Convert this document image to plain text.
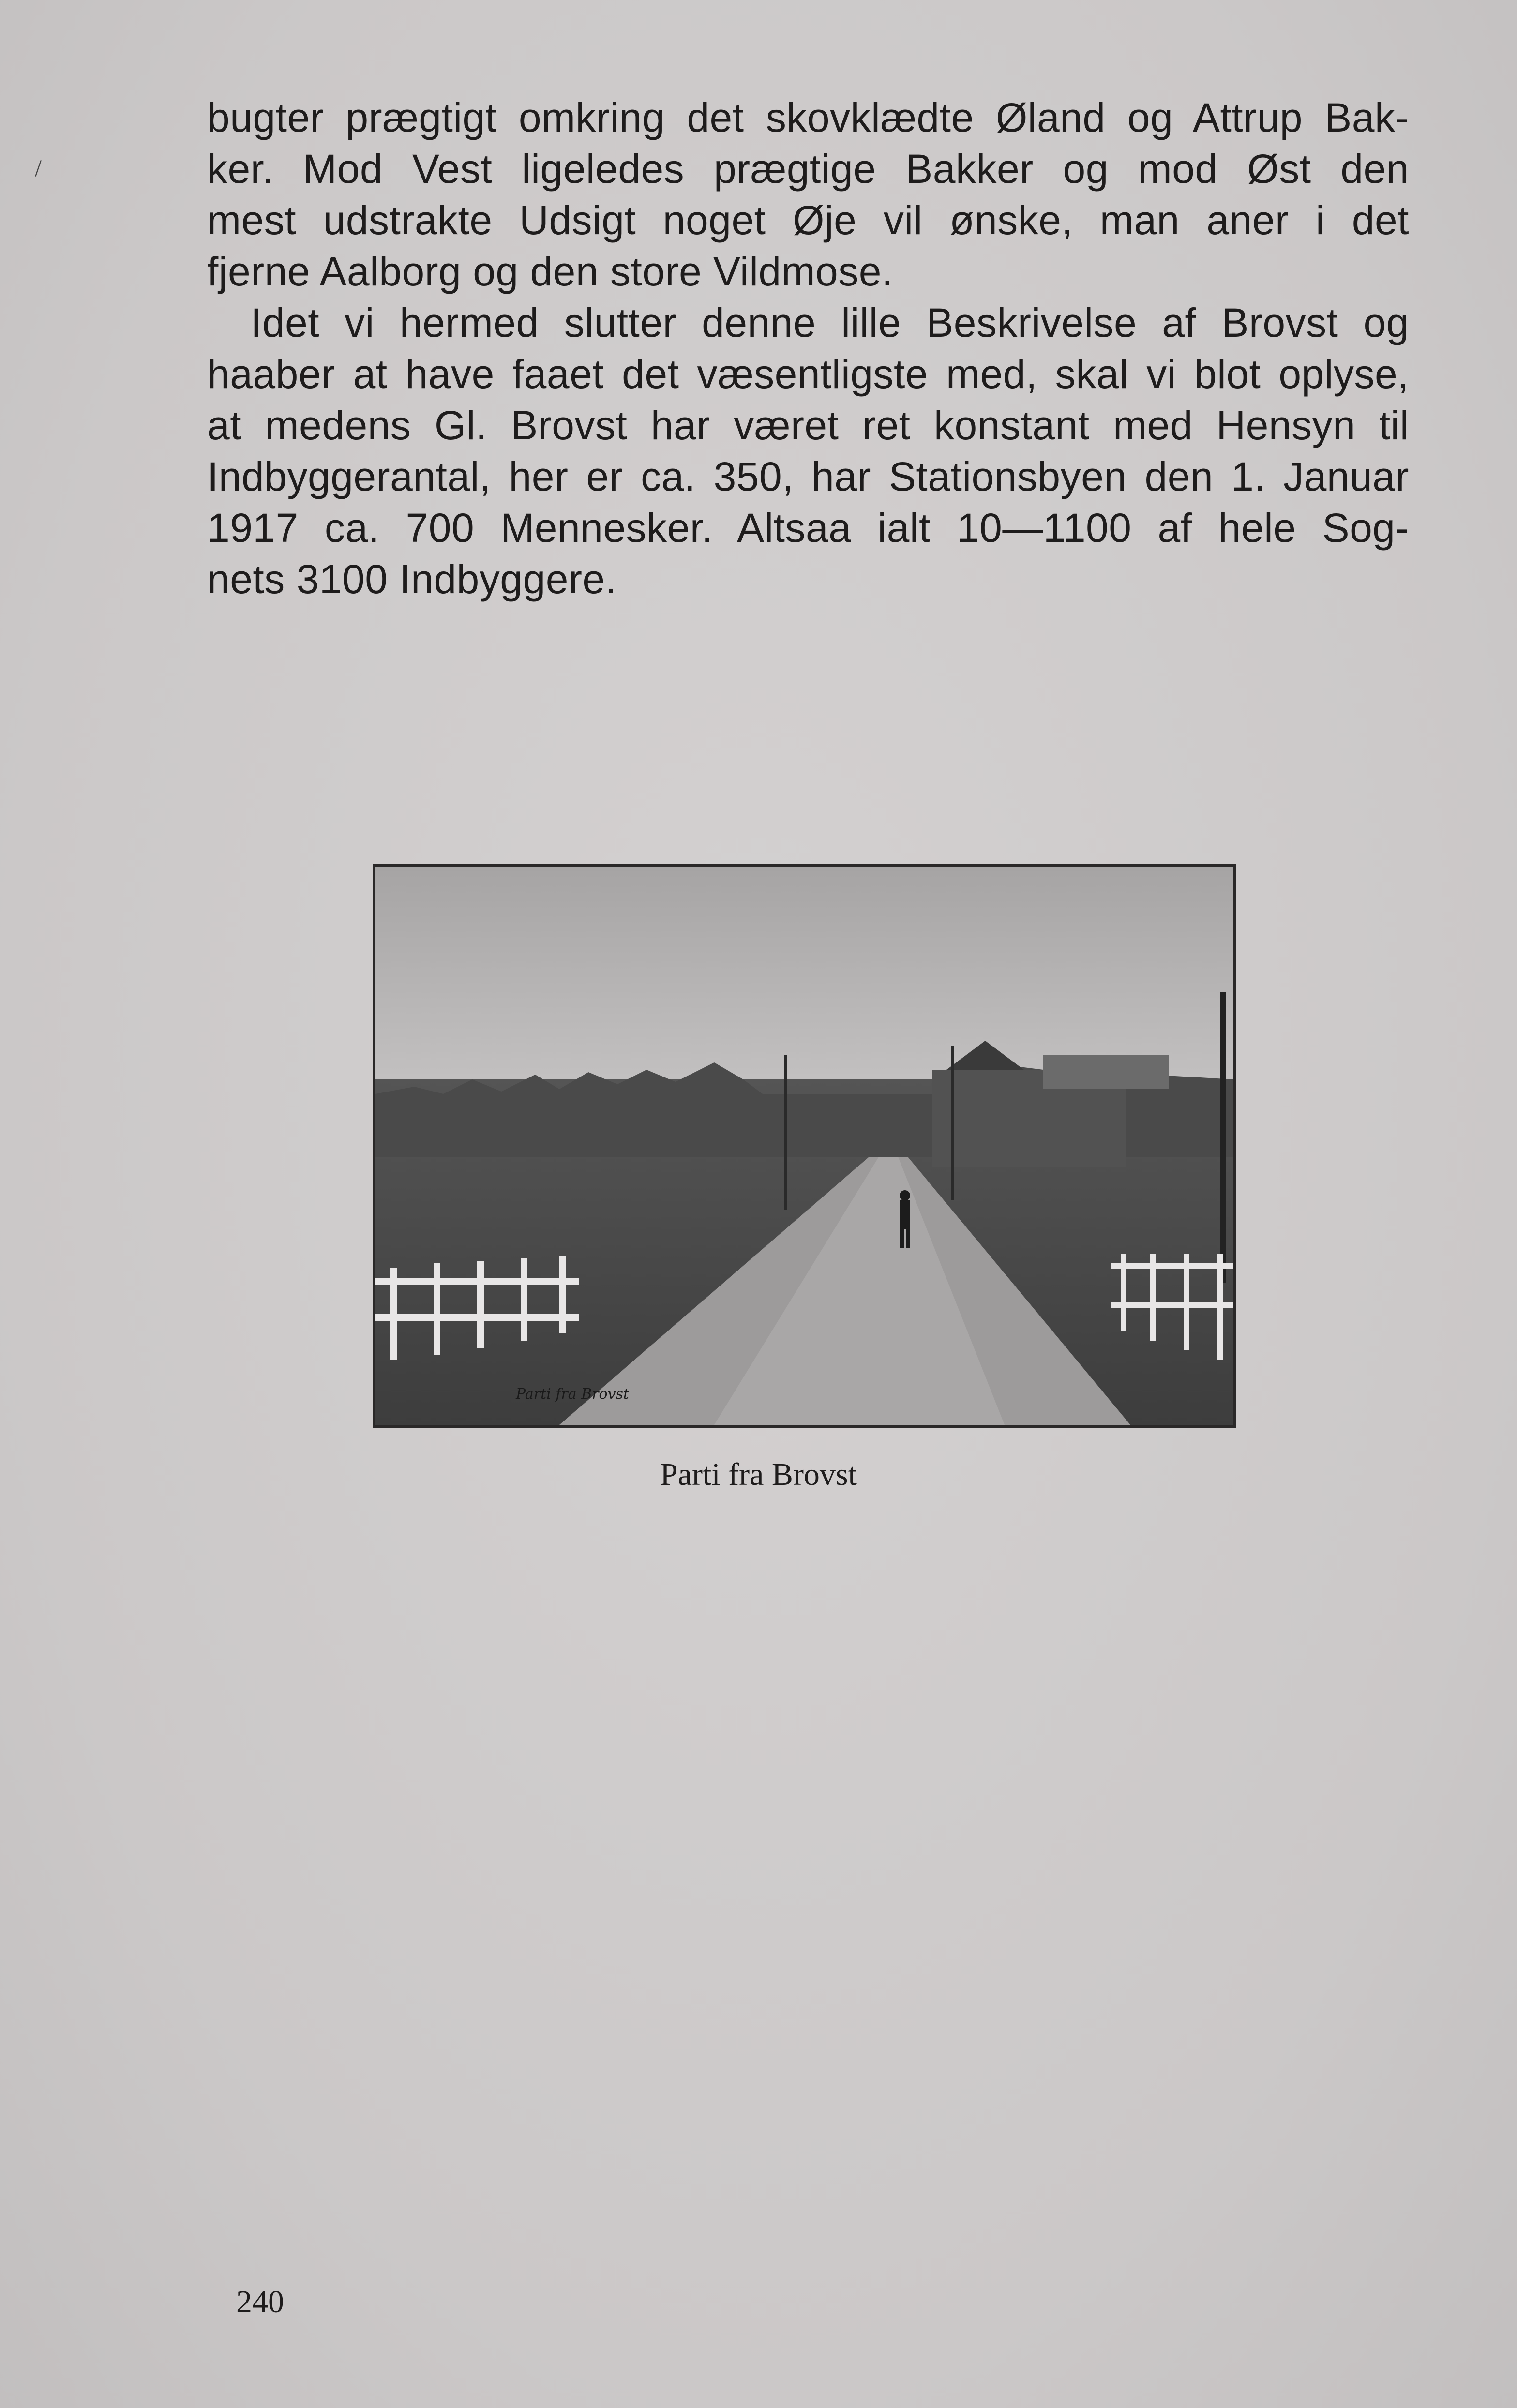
/
bugter prægtigt omkring det skovklædte Øland og Attrup Bak-
ker. Mod Vest ligeledes prægtige Bakker og mod Øst den
mest udstrakte Udsigt noget Øje vil ønske, man aner i det
fjerne Aalborg og den store Vildmose.
Idet vi hermed slutter denne lille Beskrivelse af Brovst og
haaber at have faaet det væsentligste med, skal vi blot oplyse,
at medens Gl. Brovst har været ret konstant med Hensyn til
Indbyggerantal, her er ca. 350, har Stationsbyen den 1. Januar
1917 ca. 700 Mennesker. Altsaa ialt 10—1100 af hele Sog-
nets 3100 Indbyggere.
Parti fra Brovst
Parti fra Brovst
240
